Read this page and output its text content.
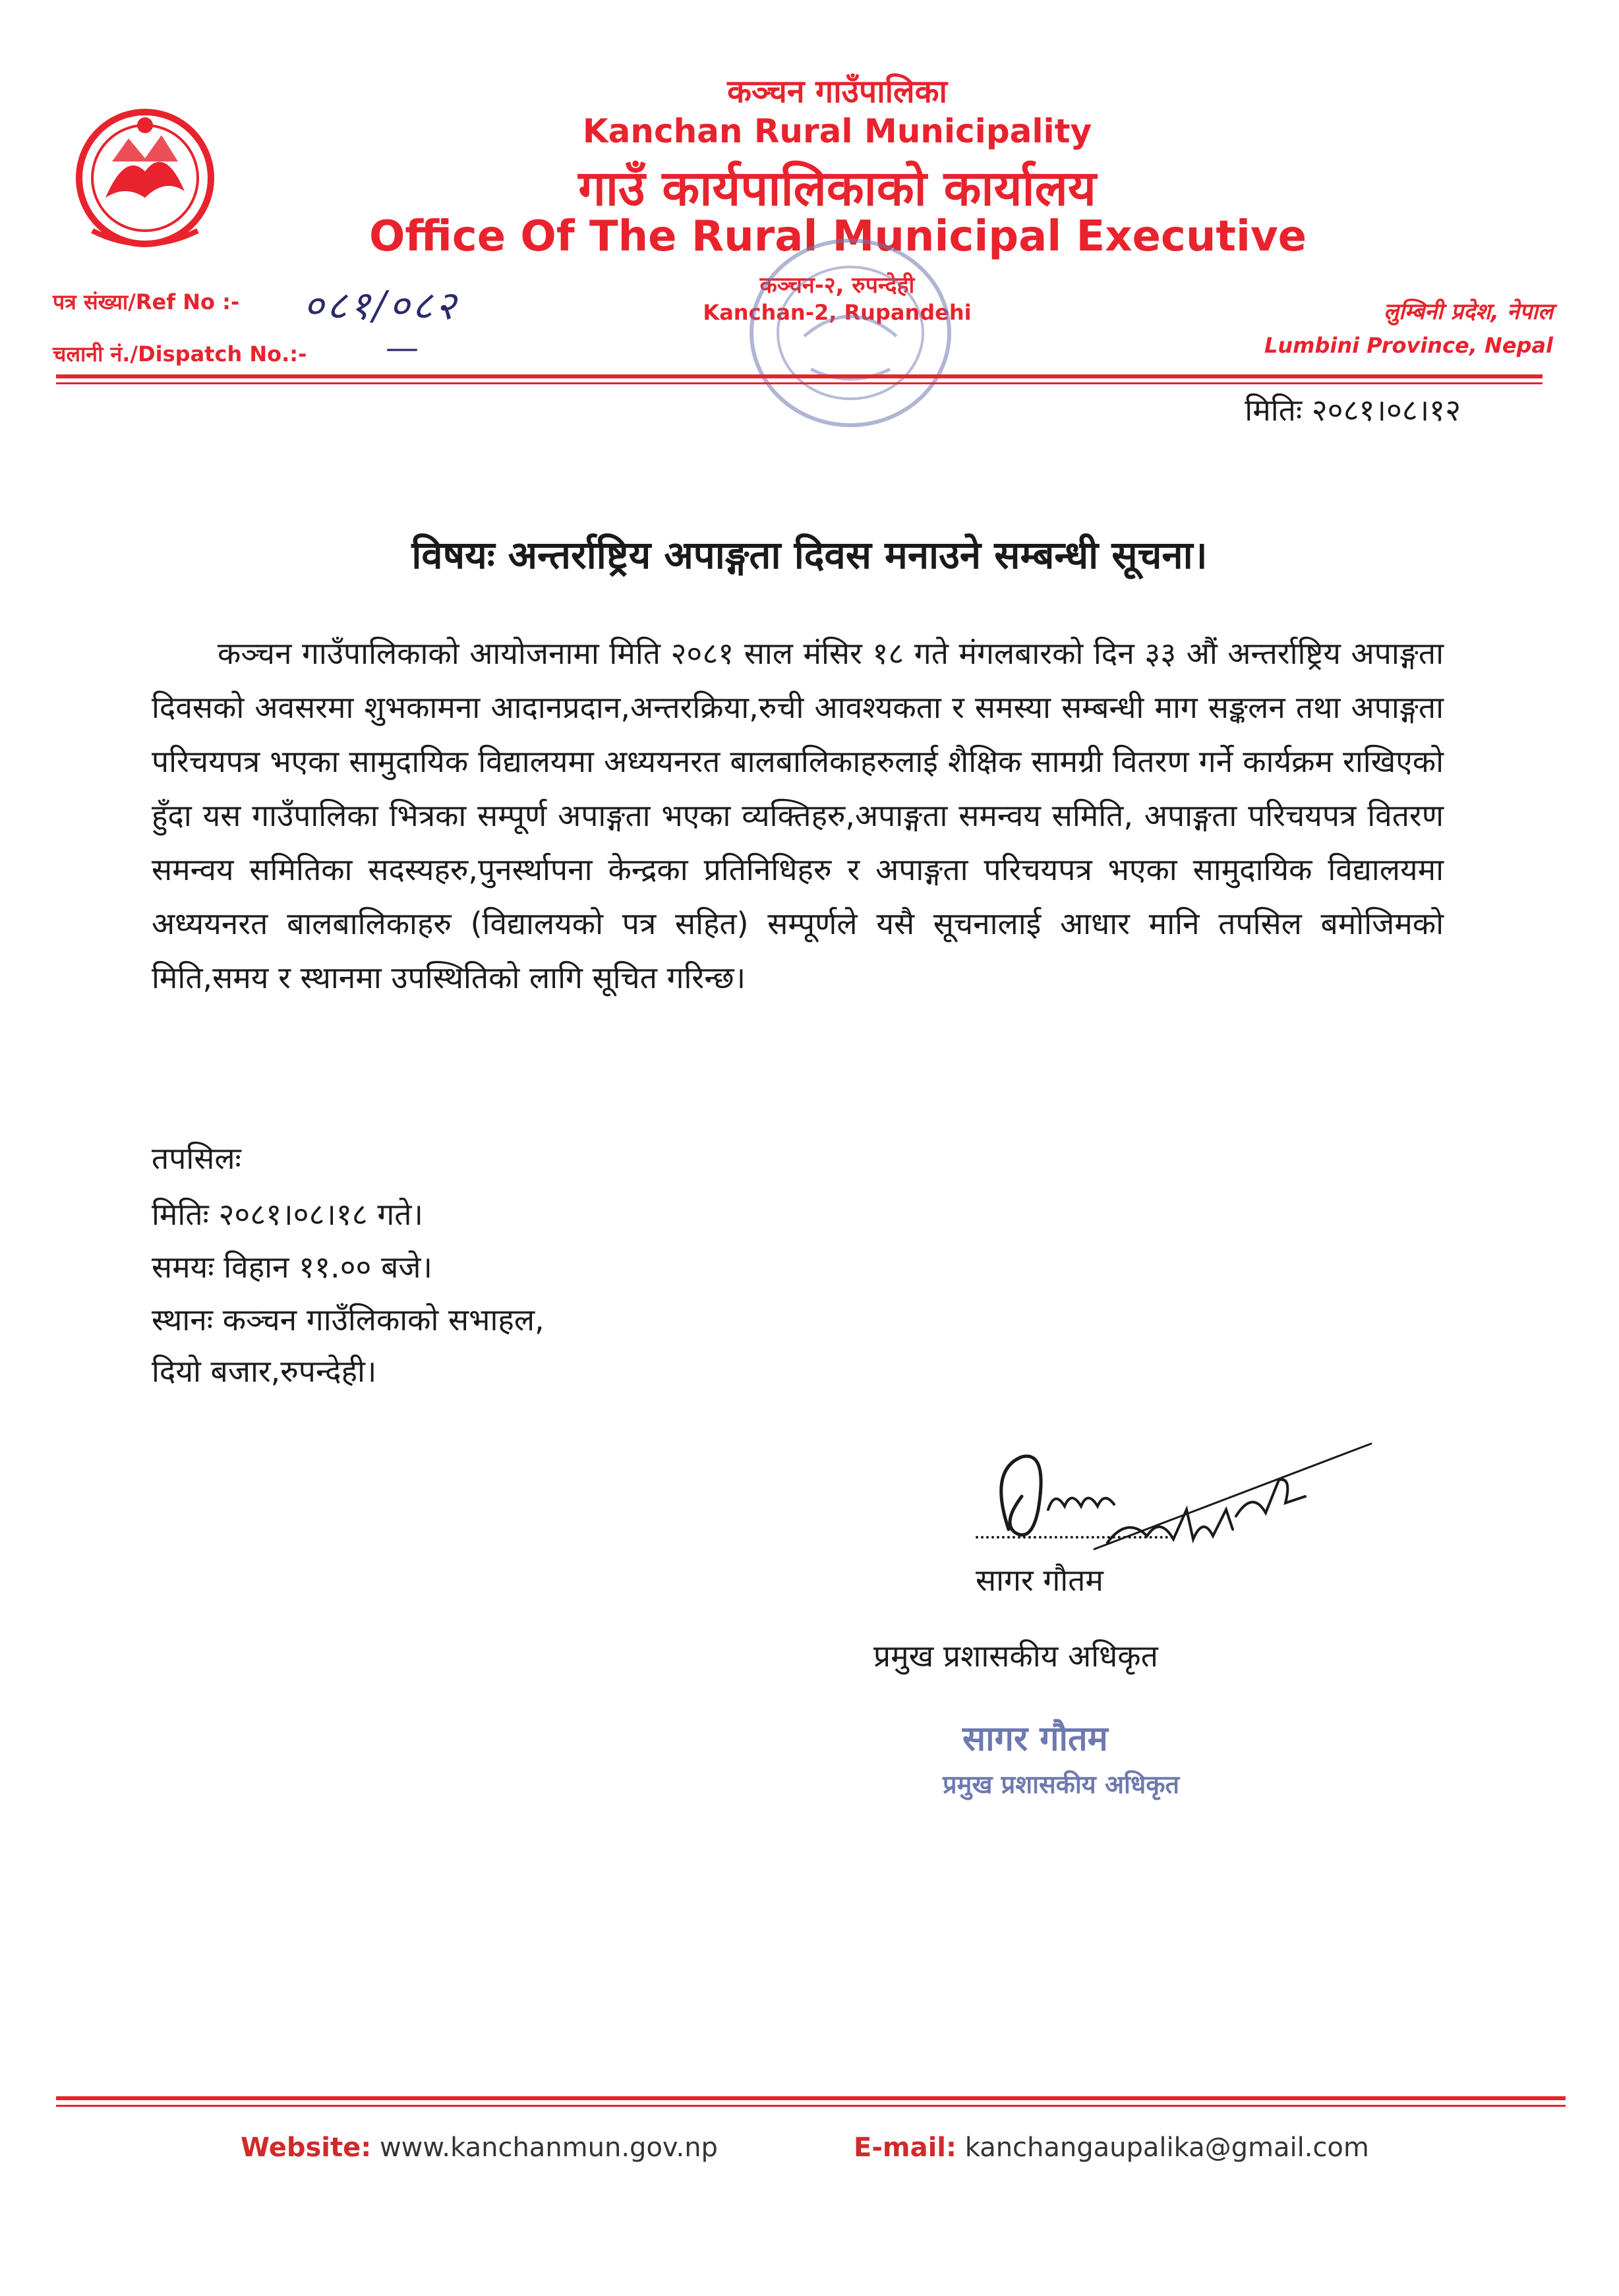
कञ्चन गाउँपालिका
Kanchan Rural Municipality
गाउँ कार्यपालिकाको कार्यालय
Office Of The Rural Municipal Executive
कञ्चन-२, रुपन्देही
Kanchan-2, Rupandehi
पत्र संख्या/Ref No :- ०८१/०८२
चलानी नं./Dispatch No.:- —
लुम्बिनी प्रदेश, नेपाल
Lumbini Province, Nepal
मितिः २०८१।०८।१२
विषयः अन्तर्राष्ट्रिय अपाङ्गता दिवस मनाउने सम्बन्धी सूचना।
कञ्चन गाउँपालिकाको आयोजनामा मिति २०८१ साल मंसिर १८ गते मंगलबारको दिन ३३ औं अन्तर्राष्ट्रिय अपाङ्गता दिवसको अवसरमा शुभकामना आदानप्रदान,अन्तरक्रिया,रुची आवश्यकता र समस्या सम्बन्धी माग सङ्कलन तथा अपाङ्गता परिचयपत्र भएका सामुदायिक विद्यालयमा अध्ययनरत बालबालिकाहरुलाई शैक्षिक सामग्री वितरण गर्ने कार्यक्रम राखिएको हुँदा यस गाउँपालिका भित्रका सम्पूर्ण अपाङ्गता भएका व्यक्तिहरु,अपाङ्गता समन्वय समिति, अपाङ्गता परिचयपत्र वितरण समन्वय समितिका सदस्यहरु,पुनर्स्थापना केन्द्रका प्रतिनिधिहरु र अपाङ्गता परिचयपत्र भएका सामुदायिक विद्यालयमा अध्ययनरत बालबालिकाहरु (विद्यालयको पत्र सहित) सम्पूर्णले यसै सूचनालाई आधार मानि तपसिल बमोजिमको मिति,समय र स्थानमा उपस्थितिको लागि सूचित गरिन्छ।
तपसिलः
मितिः २०८१।०८।१८ गते।
समयः विहान ११.०० बजे।
स्थानः कञ्चन गाउँलिकाको सभाहल,
दियो बजार,रुपन्देही।
सागर गौतम
प्रमुख प्रशासकीय अधिकृत
सागर गौतम
प्रमुख प्रशासकीय अधिकृत
Website: www.kanchanmun.gov.np	E-mail: kanchangaupalika@gmail.com
